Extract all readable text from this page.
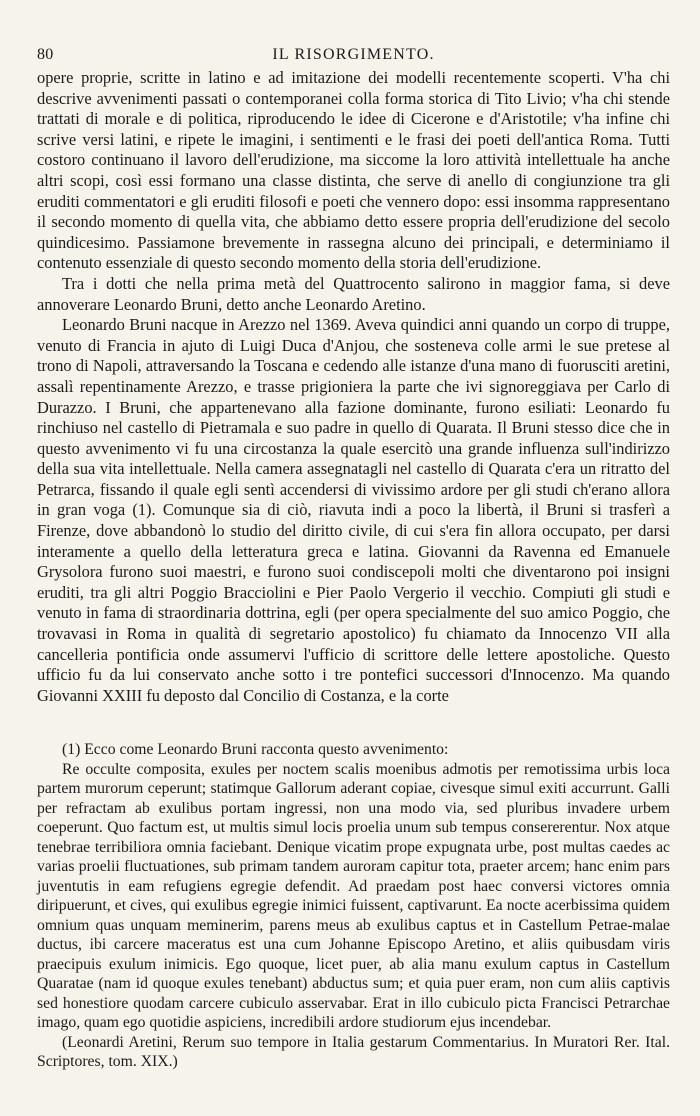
80	IL RISORGIMENTO.

opere proprie, scritte in latino e ad imitazione dei modelli recentemente scoperti. V'ha chi descrive avvenimenti passati o contemporanei colla forma storica di Tito Livio; v'ha chi stende trattati di morale e di politica, riproducendo le idee di Cicerone e d'Aristotile; v'ha infine chi scrive versi latini, e ripete le imagini, i sentimenti e le frasi dei poeti dell'antica Roma. Tutti costoro continuano il lavoro dell'erudizione, ma siccome la loro attività intellettuale ha anche altri scopi, così essi formano una classe distinta, che serve di anello di congiunzione tra gli eruditi commentatori e gli eruditi filosofi e poeti che vennero dopo: essi insomma rappresentano il secondo momento di quella vita, che abbiamo detto essere propria dell'erudizione del secolo quindicesimo. Passiamone brevemente in rassegna alcuno dei principali, e determiniamo il contenuto essenziale di questo secondo momento della storia dell'erudizione.

Tra i dotti che nella prima metà del Quattrocento salirono in maggior fama, si deve annoverare Leonardo Bruni, detto anche Leonardo Aretino.

Leonardo Bruni nacque in Arezzo nel 1369. Aveva quindici anni quando un corpo di truppe, venuto di Francia in ajuto di Luigi Duca d'Anjou, che sosteneva colle armi le sue pretese al trono di Napoli, attraversando la Toscana e cedendo alle istanze d'una mano di fuorusciti aretini, assalì repentinamente Arezzo, e trasse prigioniera la parte che ivi signoreggiava per Carlo di Durazzo. I Bruni, che appartenevano alla fazione dominante, furono esiliati: Leonardo fu rinchiuso nel castello di Pietramala e suo padre in quello di Quarata. Il Bruni stesso dice che in questo avvenimento vi fu una circostanza la quale esercitò una grande influenza sull'indirizzo della sua vita intellettuale. Nella camera assegnatagli nel castello di Quarata c'era un ritratto del Petrarca, fissando il quale egli sentì accendersi di vivissimo ardore per gli studi ch'erano allora in gran voga (1). Comunque sia di ciò, riavuta indi a poco la libertà, il Bruni si trasferì a Firenze, dove abbandonò lo studio del diritto civile, di cui s'era fin allora occupato, per darsi interamente a quello della letteratura greca e latina. Giovanni da Ravenna ed Emanuele Grysolora furono suoi maestri, e furono suoi condiscepoli molti che diventarono poi insigni eruditi, tra gli altri Poggio Bracciolini e Pier Paolo Vergerio il vecchio. Compiuti gli studi e venuto in fama di straordinaria dottrina, egli (per opera specialmente del suo amico Poggio, che trovavasi in Roma in qualità di segretario apostolico) fu chiamato da Innocenzo VII alla cancelleria pontificia onde assumervi l'ufficio di scrittore delle lettere apostoliche. Questo ufficio fu da lui conservato anche sotto i tre pontefici successori d'Innocenzo. Ma quando Giovanni XXIII fu deposto dal Concilio di Costanza, e la corte

(1) Ecco come Leonardo Bruni racconta questo avvenimento:

Re occulte composita, exules per noctem scalis moenibus admotis per remotissima urbis loca partem murorum ceperunt; statimque Gallorum aderant copiae, civesque simul exiti accurrunt. Galli per refractam ab exulibus portam ingressi, non una modo via, sed pluribus invadere urbem coeperunt. Quo factum est, ut multis simul locis proelia unum sub tempus consererentur. Nox atque tenebrae terribiliora omnia faciebant. Denique vicatim prope expugnata urbe, post multas caedes ac varias proelii fluctuationes, sub primam tandem auroram capitur tota, praeter arcem; hanc enim pars juventutis in eam refugiens egregie defendit. Ad praedam post haec conversi victores omnia diripuerunt, et cives, qui exulibus egregie inimici fuissent, captivarunt. Ea nocte acerbissima quidem omnium quas unquam meminerim, parens meus ab exulibus captus et in Castellum Petrae-malae ductus, ibi carcere maceratus est una cum Johanne Episcopo Aretino, et aliis quibusdam viris praecipuis exulum inimicis. Ego quoque, licet puer, ab alia manu exulum captus in Castellum Quaratae (nam id quoque exules tenebant) abductus sum; et quia puer eram, non cum aliis captivis sed honestiore quodam carcere cubiculo asservabar. Erat in illo cubiculo picta Francisci Petrarchae imago, quam ego quotidie aspiciens, incredibili ardore studiorum ejus incendebar.

(Leonardi Aretini, Rerum suo tempore in Italia gestarum Commentarius. In Muratori Rer. Ital. Scriptores, tom. XIX.)
